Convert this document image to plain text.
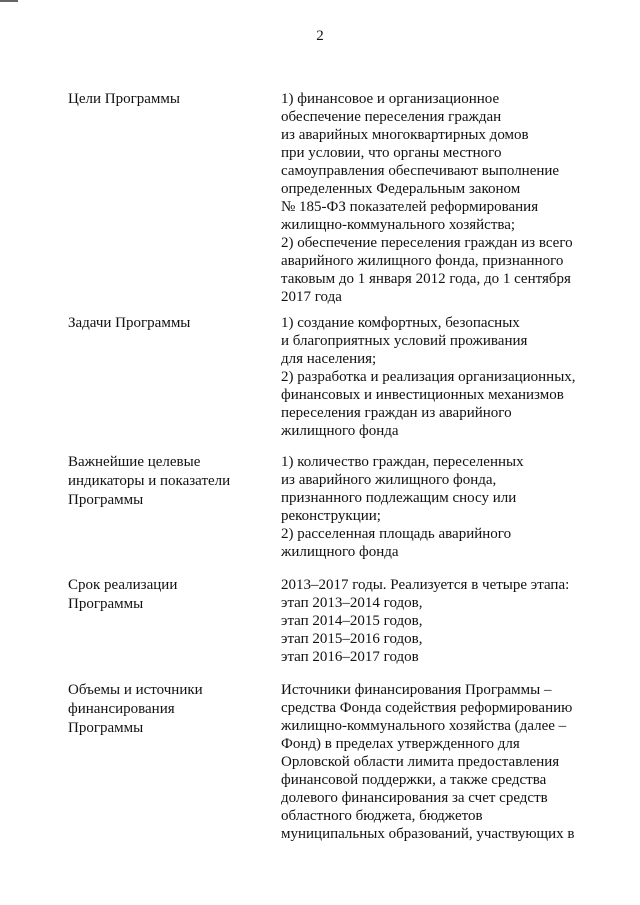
2
Цели Программы	1) финансовое и организационное
обеспечение переселения граждан
из аварийных многоквартирных домов
при условии, что органы местного
самоуправления обеспечивают выполнение
определенных Федеральным законом
№ 185-ФЗ показателей реформирования
жилищно-коммунального хозяйства;
2) обеспечение переселения граждан из всего
аварийного жилищного фонда, признанного
таковым до 1 января 2012 года, до 1 сентября
2017 года
Задачи Программы	1) создание комфортных, безопасных
и благоприятных условий проживания
для населения;
2) разработка и реализация организационных,
финансовых и инвестиционных механизмов
переселения граждан из аварийного
жилищного фонда
Важнейшие целевые
индикаторы и показатели
Программы
1) количество граждан, переселенных
из аварийного жилищного фонда,
признанного подлежащим сносу или
реконструкции;
2) расселенная площадь аварийного
жилищного фонда
Срок реализации
Программы
2013–2017 годы. Реализуется в четыре этапа:
этап 2013–2014 годов,
этап 2014–2015 годов,
этап 2015–2016 годов,
этап 2016–2017 годов
Объемы и источники
финансирования
Программы
Источники финансирования Программы –
средства Фонда содействия реформированию
жилищно-коммунального хозяйства (далее –
Фонд) в пределах утвержденного для
Орловской области лимита предоставления
финансовой поддержки, а также средства
долевого финансирования за счет средств
областного бюджета, бюджетов
муниципальных образований, участвующих в
